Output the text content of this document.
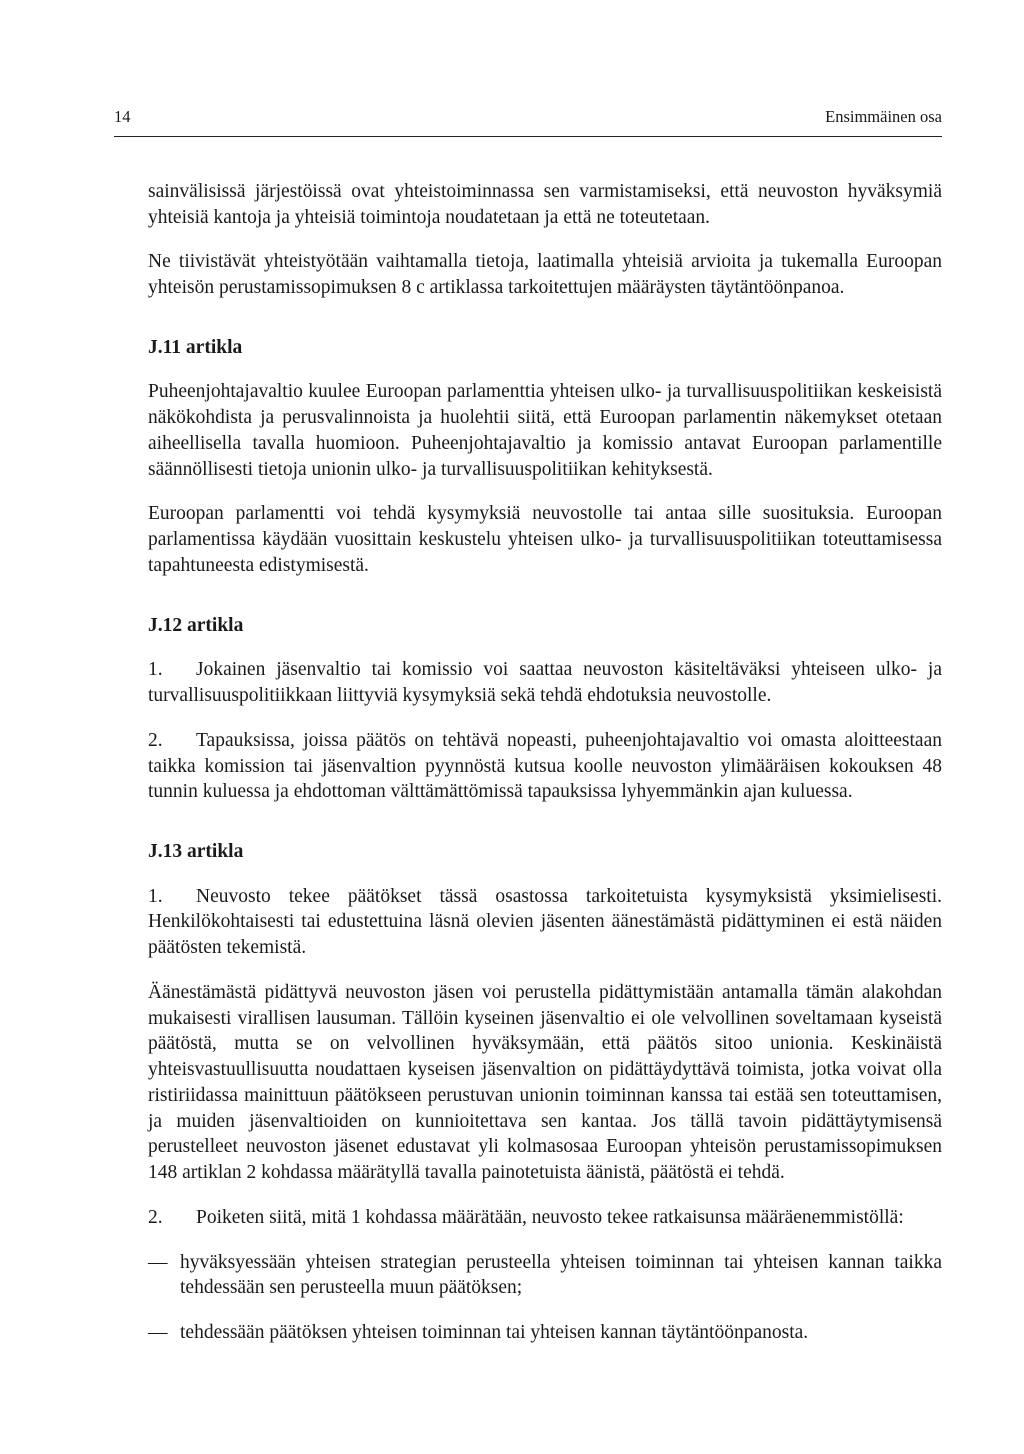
14	Ensimmäinen osa

sainvälisissä järjestöissä ovat yhteistoiminnassa sen varmistamiseksi, että neuvoston hyväksymiä yhteisiä kantoja ja yhteisiä toimintoja noudatetaan ja että ne toteutetaan.

Ne tiivistävät yhteistyötään vaihtamalla tietoja, laatimalla yhteisiä arvioita ja tukemalla Euroopan yhteisön perustamissopimuksen 8 c artiklassa tarkoitettujen määräysten täytäntöönpanoa.

J.11 artikla

Puheenjohtajavaltio kuulee Euroopan parlamenttia yhteisen ulko- ja turvallisuuspolitiikan keskeisistä näkökohdista ja perusvalinnoista ja huolehtii siitä, että Euroopan parlamentin näkemykset otetaan aiheellisella tavalla huomioon. Puheenjohtajavaltio ja komissio antavat Euroopan parlamentille säännöllisesti tietoja unionin ulko- ja turvallisuuspolitiikan kehityksestä.

Euroopan parlamentti voi tehdä kysymyksiä neuvostolle tai antaa sille suosituksia. Euroopan parlamentissa käydään vuosittain keskustelu yhteisen ulko- ja turvallisuuspolitiikan toteuttamisessa tapahtuneesta edistymisestä.

J.12 artikla

1. Jokainen jäsenvaltio tai komissio voi saattaa neuvoston käsiteltäväksi yhteiseen ulko- ja turvallisuuspolitiikkaan liittyviä kysymyksiä sekä tehdä ehdotuksia neuvostolle.

2. Tapauksissa, joissa päätös on tehtävä nopeasti, puheenjohtajavaltio voi omasta aloitteestaan taikka komission tai jäsenvaltion pyynnöstä kutsua koolle neuvoston ylimääräisen kokouksen 48 tunnin kuluessa ja ehdottoman välttämättömissä tapauksissa lyhyemmänkin ajan kuluessa.

J.13 artikla

1. Neuvosto tekee päätökset tässä osastossa tarkoitetuista kysymyksistä yksimielisesti. Henkilökohtaisesti tai edustettuina läsnä olevien jäsenten äänestämästä pidättyminen ei estä näiden päätösten tekemistä.

Äänestämästä pidättyvä neuvoston jäsen voi perustella pidättymistään antamalla tämän alakohdan mukaisesti virallisen lausuman. Tällöin kyseinen jäsenvaltio ei ole velvollinen soveltamaan kyseistä päätöstä, mutta se on velvollinen hyväksymään, että päätös sitoo unionia. Keskinäistä yhteisvastuullisuutta noudattaen kyseisen jäsenvaltion on pidättäydyttävä toimista, jotka voivat olla ristiriidassa mainittuun päätökseen perustuvan unionin toiminnan kanssa tai estää sen toteuttamisen, ja muiden jäsenvaltioiden on kunnioitettava sen kantaa. Jos tällä tavoin pidättäytymisensä perustelleet neuvoston jäsenet edustavat yli kolmasosaa Euroopan yhteisön perustamissopimuksen 148 artiklan 2 kohdassa määrätyllä tavalla painotetuista äänistä, päätöstä ei tehdä.

2. Poiketen siitä, mitä 1 kohdassa määrätään, neuvosto tekee ratkaisunsa määräenemmistöllä:

— hyväksyessään yhteisen strategian perusteella yhteisen toiminnan tai yhteisen kannan taikka tehdessään sen perusteella muun päätöksen;
— tehdessään päätöksen yhteisen toiminnan tai yhteisen kannan täytäntöönpanosta.
